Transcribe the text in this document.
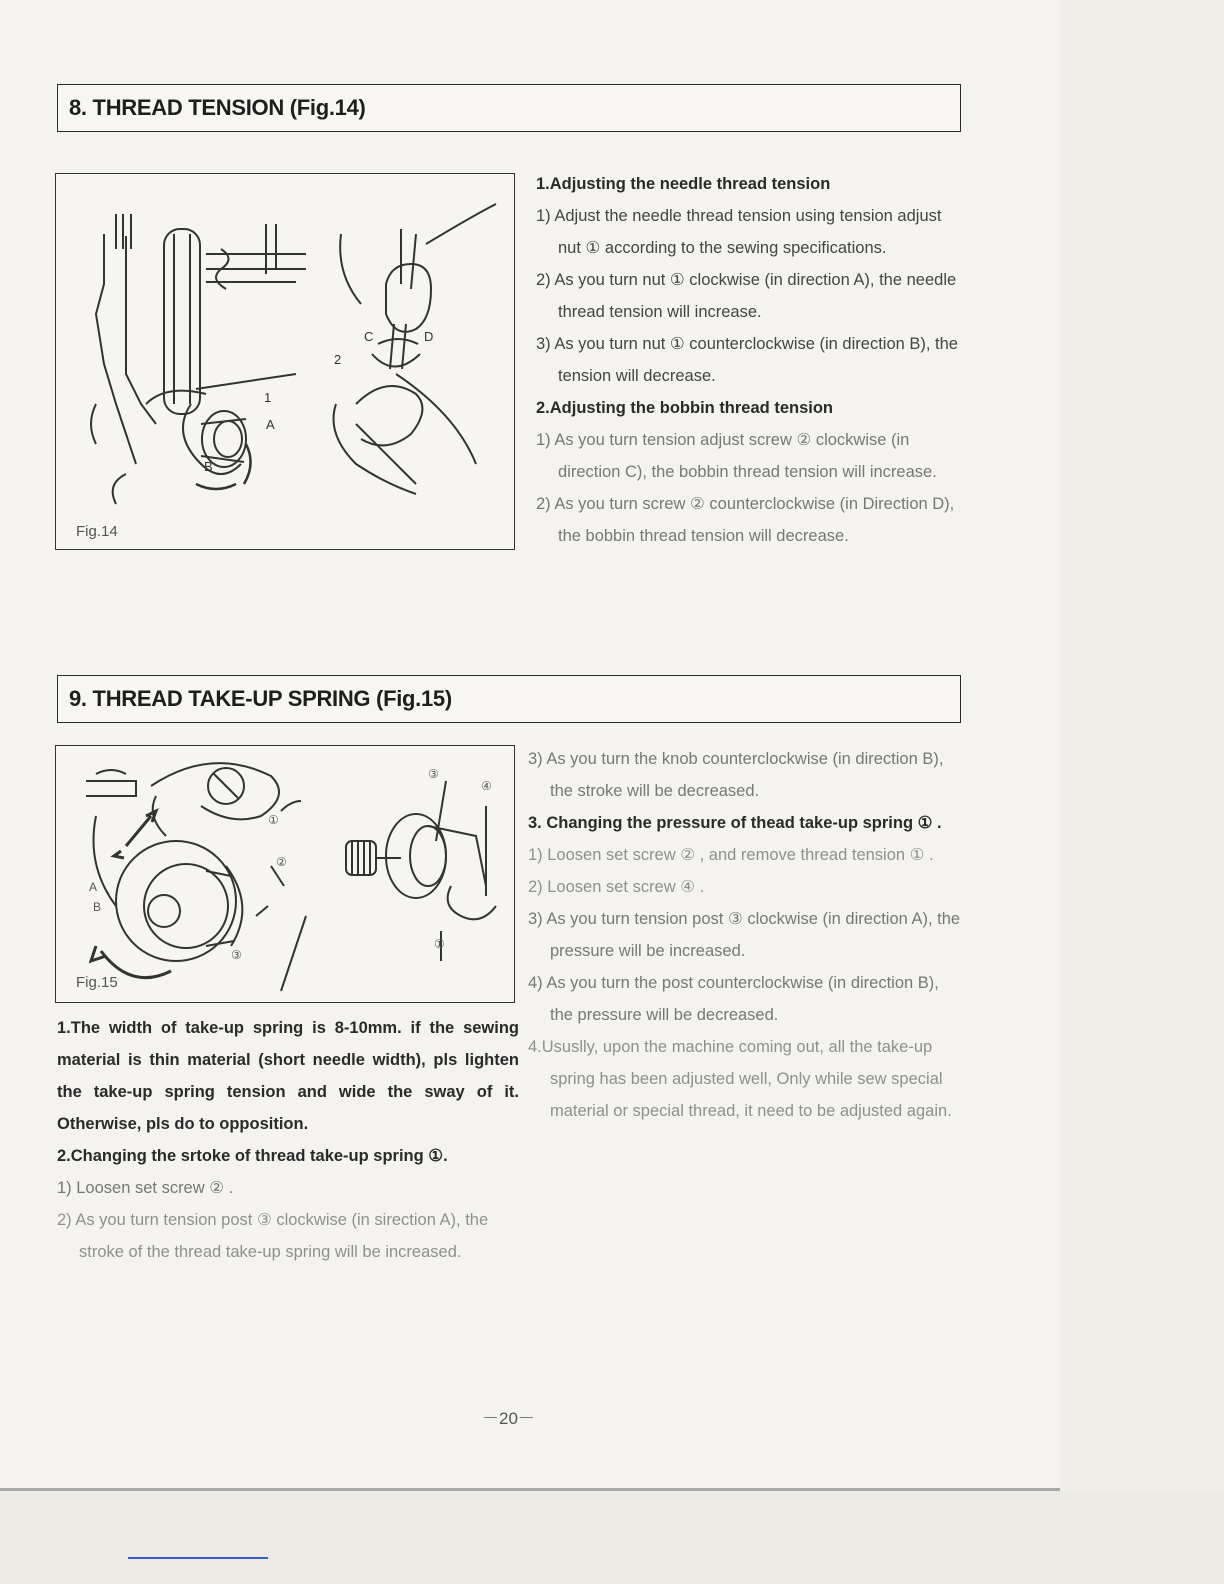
8. THREAD TENSION (Fig.14)
C	D
2
1
A
B
Fig.14
1.Adjusting the needle thread tension
1) Adjust the needle thread tension using tension adjust nut ① according to the sewing specifications.
2) As you turn nut ① clockwise (in direction A), the needle thread tension will increase.
3) As you turn nut ① counterclockwise (in direction B), the tension will decrease.
2.Adjusting the bobbin thread tension
1) As you turn tension adjust screw ② clockwise (in direction C), the bobbin thread tension will increase.
2) As you turn screw ② counterclockwise (in Direction D), the bobbin thread tension will decrease.
9. THREAD TAKE-UP SPRING (Fig.15)
③
④
①
②
③
①
A
B
Fig.15
1.The width of take-up spring is 8-10mm. if the sewing material is thin material (short needle width), pls lighten the take-up spring tension and wide the sway of it. Otherwise, pls do to opposition.
2.Changing the srtoke of thread take-up spring ①.
1) Loosen set screw ② .
2) As you turn tension post ③ clockwise (in sirection A), the stroke of the thread take-up spring will be increased.
3) As you turn the knob counterclockwise (in direction B), the stroke will be decreased.
3. Changing the pressure of thead take-up spring ① .
1) Loosen set screw ② , and remove thread tension ① .
2) Loosen set screw ④ .
3) As you turn tension post ③ clockwise (in direction A), the pressure will be increased.
4) As you turn the post counterclockwise (in direction B), the pressure will be decreased.
4.Ususlly, upon the machine coming out, all the take-up spring has been adjusted well, Only while sew special material or special thread, it need to be adjusted again.
－20－
